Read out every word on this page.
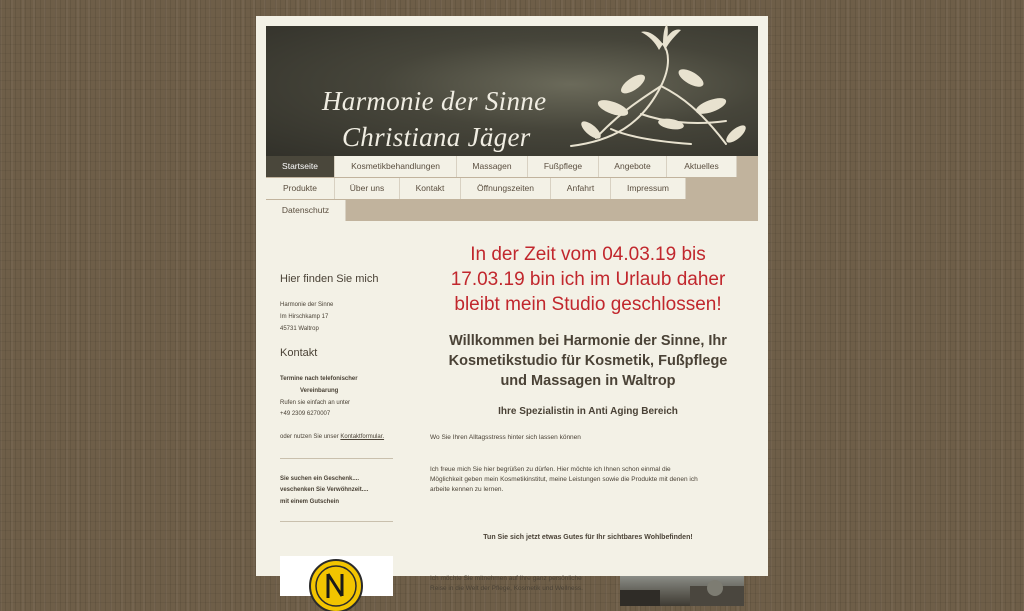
Harmonie der Sinne
Christiana Jäger
Startseite	Kosmetikbehandlungen	Massagen	Fußpflege	Angebote	Aktuelles
Produkte	Über uns	Kontakt	Öffnungszeiten	Anfahrt	Impressum
Datenschutz
Hier finden Sie mich
Harmonie der Sinne
Im Hirschkamp 17
45731 Waltrop
Kontakt
Termine nach telefonischer
Vereinbarung
Rufen sie einfach an unter
+49 2309 6270007
oder nutzen Sie unser Kontaktformular.
Sie suchen ein Geschenk....
veschenken Sie Verwöhnzeit....
mit einem Gutschein
In der Zeit vom 04.03.19 bis
17.03.19 bin ich im Urlaub daher
bleibt mein Studio geschlossen!
Willkommen bei Harmonie der Sinne, Ihr
Kosmetikstudio für Kosmetik, Fußpflege
und Massagen in Waltrop
Ihre Spezialistin in Anti Aging Bereich
Wo Sie Ihren Alltagsstress hinter sich lassen können
Ich freue mich Sie hier begrüßen zu dürfen. Hier möchte ich Ihnen schon einmal die
Möglichkeit geben mein Kosmetikinstitut, meine Leistungen sowie die Produkte mit denen ich
arbeite kennen zu lernen.
Tun Sie sich jetzt etwas Gutes für Ihr sichtbares Wohlbefinden!
Ich möchte Sie mitnehmen auf Ihre ganz persönliche
Reise in die Welt der Pflege, Kosmetik und Wellness.
